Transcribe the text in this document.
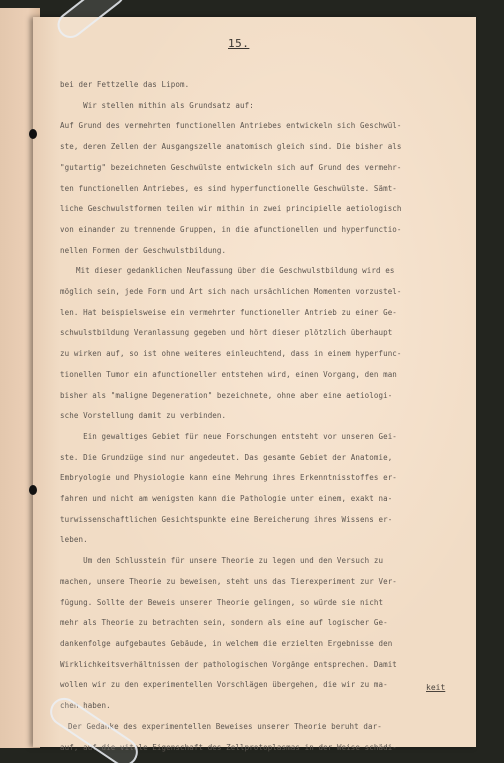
15.
bei der Fettzelle das Lipom.
Wir stellen mithin als Grundsatz auf:
Auf Grund des vermehrten functionellen Antriebes entwickeln sich Geschwül-
ste, deren Zellen der Ausgangszelle anatomisch gleich sind. Die bisher als
"gutartig" bezeichneten Geschwülste entwickeln sich auf Grund des vermehr-
ten functionellen Antriebes, es sind hyperfunctionelle Geschwülste. Sämt-
liche Geschwulstformen teilen wir mithin in zwei principielle aetiologisch
von einander zu trennende Gruppen, in die afunctionellen und hyperfunctio-
nellen Formen der Geschwulstbildung.
Mit dieser gedanklichen Neufassung über die Geschwulstbildung wird es
möglich sein, jede Form und Art sich nach ursächlichen Momenten vorzustel-
len. Hat beispielsweise ein vermehrter functioneller Antrieb zu einer Ge-
schwulstbildung Veranlassung gegeben und hört dieser plötzlich überhaupt
zu wirken auf, so ist ohne weiteres einleuchtend, dass in einem hyperfunc-
tionellen Tumor ein afunctioneller entstehen wird, einen Vorgang, den man
bisher als "maligne Degeneration" bezeichnete, ohne aber eine aetiologi-
sche Vorstellung damit zu verbinden.
Ein gewaltiges Gebiet für neue Forschungen entsteht vor unseren Gei-
ste. Die Grundzüge sind nur angedeutet. Das gesamte Gebiet der Anatomie,
Embryologie und Physiologie kann eine Mehrung ihres Erkenntnisstoffes er-
fahren und nicht am wenigsten kann die Pathologie unter einem, exakt na-
turwissenschaftlichen Gesichtspunkte eine Bereicherung ihres Wissens er-
leben.
Um den Schlusstein für unsere Theorie zu legen und den Versuch zu
machen, unsere Theorie zu beweisen, steht uns das Tierexperiment zur Ver-
fügung. Sollte der Beweis unserer Theorie gelingen, so würde sie nicht
mehr als Theorie zu betrachten sein, sondern als eine auf logischer Ge-
dankenfolge aufgebautes Gebäude, in welchem die erzielten Ergebnisse den
Wirklichkeitsverhältnissen der pathologischen Vorgänge entsprechen. Damit
wollen wir zu den experimentellen Vorschlägen übergehen, die wir zu ma-
chen haben.
Der Gedanke des experimentellen Beweises unserer Theorie beruht dar-
auf, auf die vitale Eigenschaft des Zellprotoplasmas in der Weise schädi-
keit
